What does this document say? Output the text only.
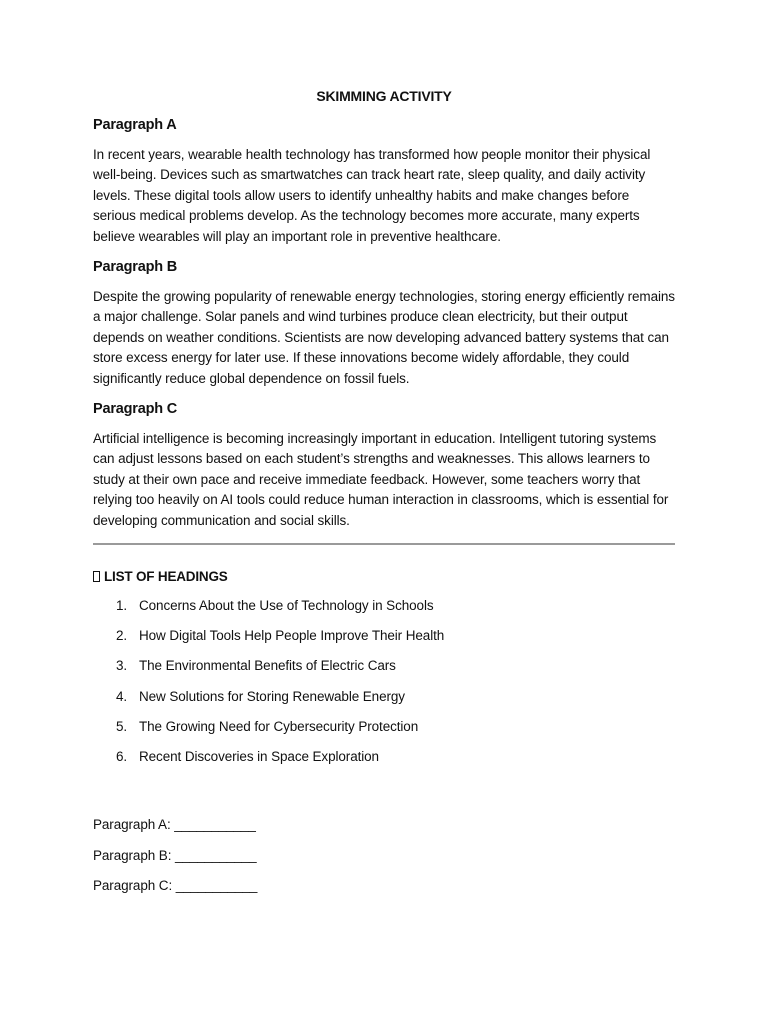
SKIMMING ACTIVITY
Paragraph A

In recent years, wearable health technology has transformed how people monitor their physical well-being. Devices such as smartwatches can track heart rate, sleep quality, and daily activity levels. These digital tools allow users to identify unhealthy habits and make changes before serious medical problems develop. As the technology becomes more accurate, many experts believe wearables will play an important role in preventive healthcare.

Paragraph B

Despite the growing popularity of renewable energy technologies, storing energy efficiently remains a major challenge. Solar panels and wind turbines produce clean electricity, but their output depends on weather conditions. Scientists are now developing advanced battery systems that can store excess energy for later use. If these innovations become widely affordable, they could significantly reduce global dependence on fossil fuels.

Paragraph C

Artificial intelligence is becoming increasingly important in education. Intelligent tutoring systems can adjust lessons based on each student’s strengths and weaknesses. This allows learners to study at their own pace and receive immediate feedback. However, some teachers worry that relying too heavily on AI tools could reduce human interaction in classrooms, which is essential for developing communication and social skills.

LIST OF HEADINGS
1. Concerns About the Use of Technology in Schools
2. How Digital Tools Help People Improve Their Health
3. The Environmental Benefits of Electric Cars
4. New Solutions for Storing Renewable Energy
5. The Growing Need for Cybersecurity Protection
6. Recent Discoveries in Space Exploration
Paragraph A: ___________
Paragraph B: ___________
Paragraph C: ___________
